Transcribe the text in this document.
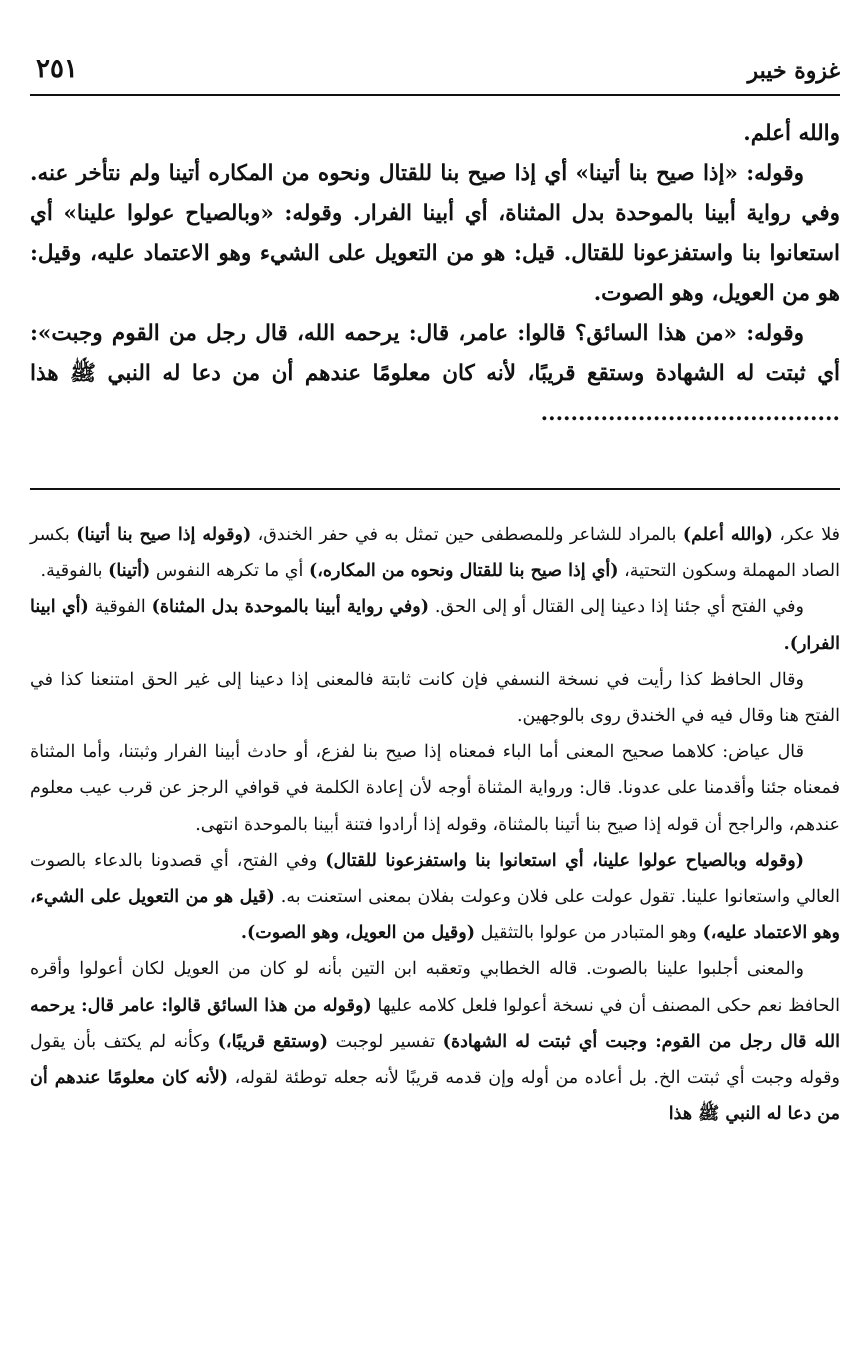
غزوة خيبر
٢٥١

والله أعلم.

وقوله: «إذا صيح بنا أتينا» أي إذا صيح بنا للقتال ونحوه من المكاره أتينا ولم نتأخر عنه. وفي رواية أبينا بالموحدة بدل المثناة، أي أبينا الفرار. وقوله: «وبالصياح عولوا علينا» أي استعانوا بنا واستفزعونا للقتال. قيل: هو من التعويل على الشيء وهو الاعتماد عليه، وقيل: هو من العويل، وهو الصوت.

وقوله: «من هذا السائق؟ قالوا: عامر، قال: يرحمه الله، قال رجل من القوم وجبت»: أي ثبتت له الشهادة وستقع قريبًا، لأنه كان معلومًا عندهم أن من دعا له النبي ﷺ هذا ........................................

فلا عكر، (والله أعلم) بالمراد للشاعر وللمصطفى حين تمثل به في حفر الخندق، (وقوله إذا صيح بنا أتينا) بكسر الصاد المهملة وسكون التحتية، (أي إذا صيح بنا للقتال ونحوه من المكاره،) أي ما تكرهه النفوس (أتينا) بالفوقية.

وفي الفتح أي جئنا إذا دعينا إلى القتال أو إلى الحق. (وفي رواية أبينا بالموحدة بدل المثناة) الفوقية (أي ابينا الفرار).

وقال الحافظ كذا رأيت في نسخة النسفي فإن كانت ثابتة فالمعنى إذا دعينا إلى غير الحق امتنعنا كذا في الفتح هنا وقال فيه في الخندق روى بالوجهين.

قال عياض: كلاهما صحيح المعنى أما الباء فمعناه إذا صيح بنا لفزع، أو حادث أبينا الفرار وثبتنا، وأما المثناة فمعناه جئنا وأقدمنا على عدونا. قال: ورواية المثناة أوجه لأن إعادة الكلمة في قوافي الرجز عن قرب عيب معلوم عندهم، والراجح أن قوله إذا صيح بنا أتينا بالمثناة، وقوله إذا أرادوا فتنة أبينا بالموحدة انتهى.

(وقوله وبالصياح عولوا علينا، أي استعانوا بنا واستفزعونا للقتال) وفي الفتح، أي قصدونا بالدعاء بالصوت العالي واستعانوا علينا. تقول عولت على فلان وعولت بفلان بمعنى استعنت به. (قيل هو من التعويل على الشيء، وهو الاعتماد عليه،) وهو المتبادر من عولوا بالتثقيل (وقيل من العويل، وهو الصوت).

والمعنى أجلبوا علينا بالصوت. قاله الخطابي وتعقبه ابن التين بأنه لو كان من العويل لكان أعولوا وأقره الحافظ نعم حكى المصنف أن في نسخة أعولوا فلعل كلامه عليها (وقوله من هذا السائق قالوا: عامر قال: يرحمه الله قال رجل من القوم: وجبت أي ثبتت له الشهادة) تفسير لوجبت (وستقع قريبًا،) وكأنه لم يكتف بأن يقول وقوله وجبت أي ثبتت الخ. بل أعاده من أوله وإن قدمه قريبًا لأنه جعله توطئة لقوله، (لأنه كان معلومًا عندهم أن من دعا له النبي ﷺ هذا
